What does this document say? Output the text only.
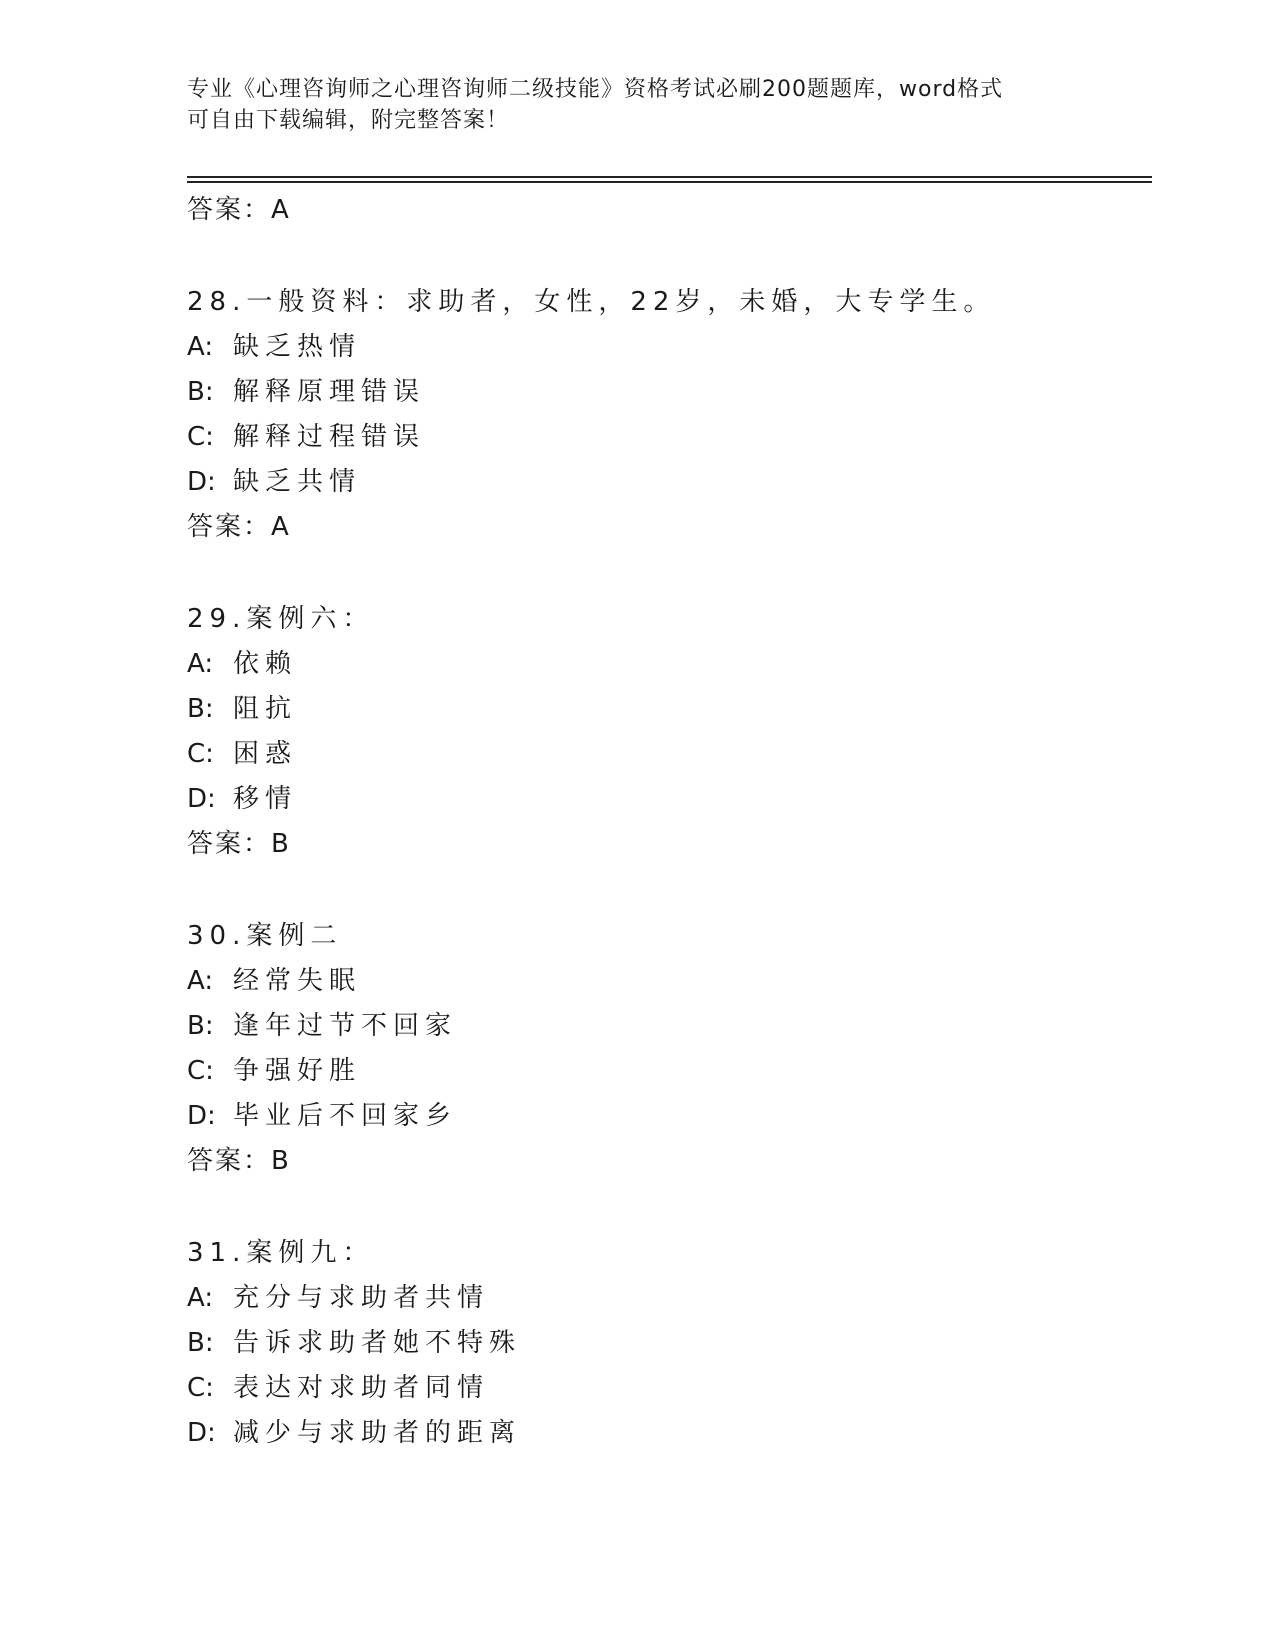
专业《心理咨询师之心理咨询师二级技能》资格考试必刷200题题库，word格式
可自由下载编辑，附完整答案！
答案：A
28.一般资料：求助者，女性，22岁，未婚，大专学生。
A: 缺乏热情
B: 解释原理错误
C: 解释过程错误
D: 缺乏共情
答案：A
29.案例六：
A: 依赖
B: 阻抗
C: 困惑
D: 移情
答案：B
30.案例二
A: 经常失眠
B: 逢年过节不回家
C: 争强好胜
D: 毕业后不回家乡
答案：B
31.案例九：
A: 充分与求助者共情
B: 告诉求助者她不特殊
C: 表达对求助者同情
D: 减少与求助者的距离
